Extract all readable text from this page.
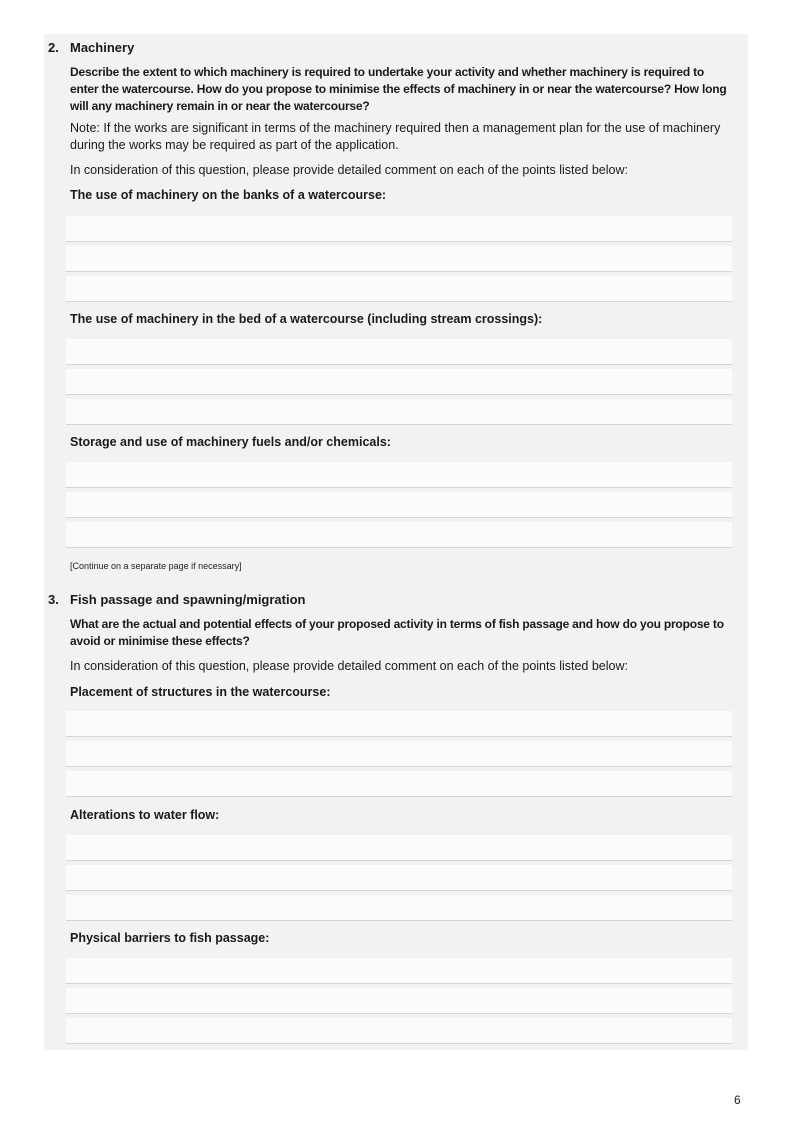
2. Machinery
Describe the extent to which machinery is required to undertake your activity and whether machinery is required to enter the watercourse. How do you propose to minimise the effects of machinery in or near the watercourse? How long will any machinery remain in or near the watercourse?
Note: If the works are significant in terms of the machinery required then a management plan for the use of machinery during the works may be required as part of the application.
In consideration of this question, please provide detailed comment on each of the points listed below:
The use of machinery on the banks of a watercourse:
The use of machinery in the bed of a watercourse (including stream crossings):
Storage and use of machinery fuels and/or chemicals:
[Continue on a separate page if necessary]
3. Fish passage and spawning/migration
What are the actual and potential effects of your proposed activity in terms of fish passage and how do you propose to avoid or minimise these effects?
In consideration of this question, please provide detailed comment on each of the points listed below:
Placement of structures in the watercourse:
Alterations to water flow:
Physical barriers to fish passage:
6
